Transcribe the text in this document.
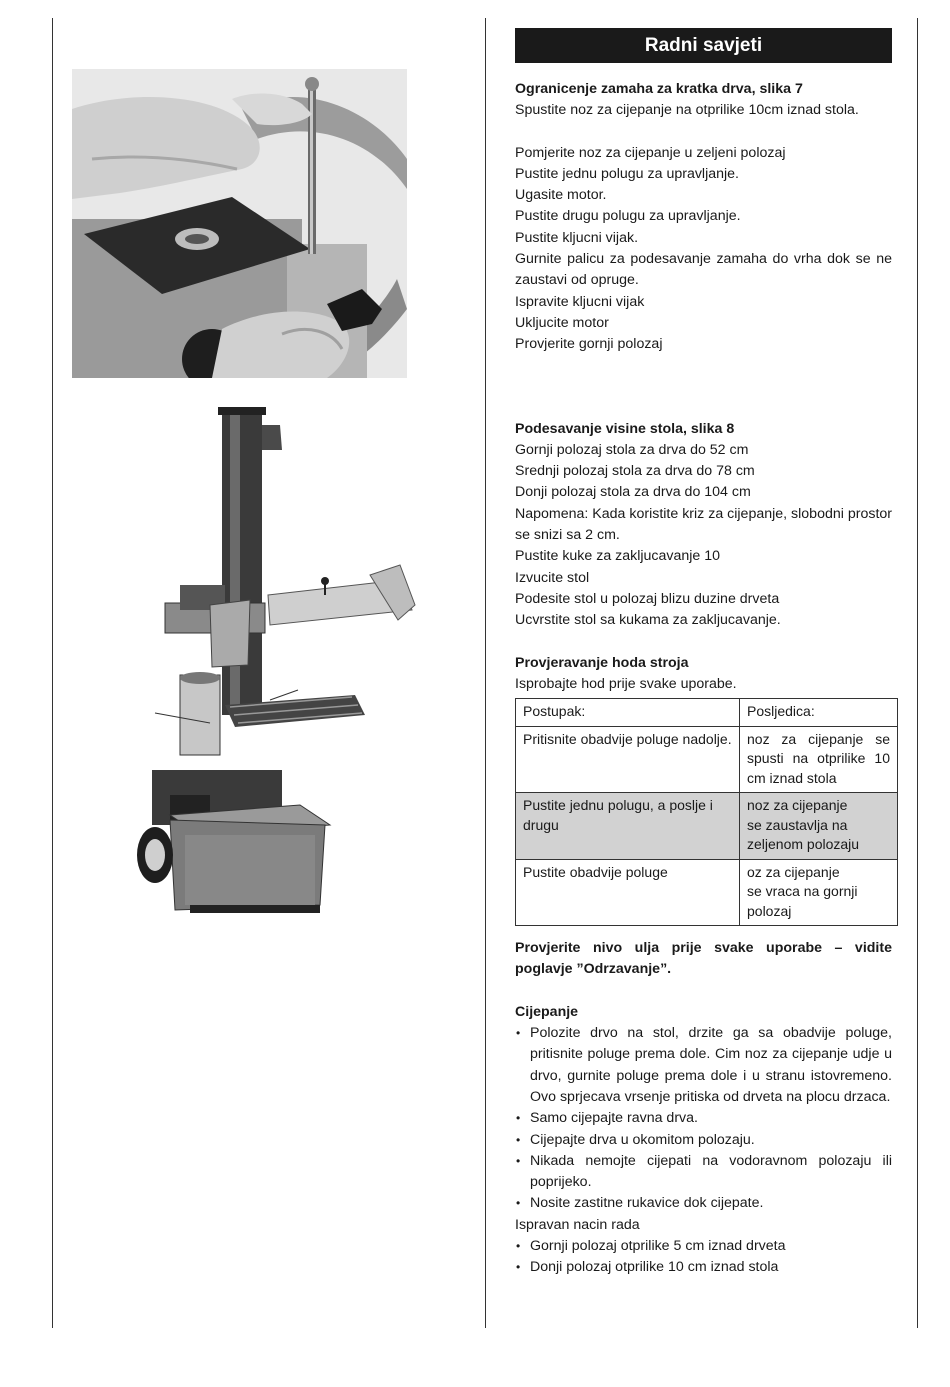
Radni savjeti

Ogranicenje zamaha za kratka drva, slika 7

Spustite noz za cijepanje na otprilike 10cm iznad stola.

Pomjerite noz za cijepanje u zeljeni polozaj

Pustite jednu polugu za upravljanje.

Ugasite motor.

Pustite drugu polugu za upravljanje.

Pustite kljucni vijak.

Gurnite palicu za podesavanje zamaha do vrha dok se ne zaustavi od opruge.

Ispravite kljucni vijak

Ukljucite motor

Provjerite gornji polozaj

Podesavanje visine stola, slika 8

Gornji polozaj stola za drva do 52 cm

Srednji polozaj stola za drva do 78 cm

Donji polozaj stola za drva do 104 cm

Napomena: Kada koristite kriz za cijepanje, slobodni prostor se snizi sa 2 cm.

Pustite kuke za zakljucavanje 10

Izvucite stol

Podesite stol u polozaj blizu duzine drveta

Ucvrstite stol sa kukama za zakljucavanje.

Provjeravanje hoda stroja

Isprobajte hod prije svake uporabe.

Postupak:	Posljedica:
Pritisnite obadvije poluge nadolje.	noz za cijepanje se spusti na otprilike 10 cm iznad stola
Pustite jednu polugu, a poslje i drugu	noz za cijepanje
se zaustavlja na
zeljenom polozaju
Pustite obadvije poluge	oz za cijepanje
se vraca na gornji
polozaj

Provjerite nivo ulja prije svake uporabe – vidite poglavje ”Odrzavanje”.

Cijepanje

• Polozite drvo na stol, drzite ga sa obadvije poluge, pritisnite poluge prema dole. Cim noz za cijepanje udje u drvo, gurnite poluge prema dole i u stranu istovremeno. Ovo sprjecava vrsenje pritiska od drveta na plocu drzaca.
• Samo cijepajte ravna drva.
• Cijepajte drva u okomitom polozaju.
• Nikada nemojte cijepati na vodoravnom polozaju ili poprijeko.
• Nosite zastitne rukavice dok cijepate.

Ispravan nacin rada

• Gornji polozaj otprilike 5 cm iznad drveta
• Donji polozaj otprilike 10 cm iznad stola
